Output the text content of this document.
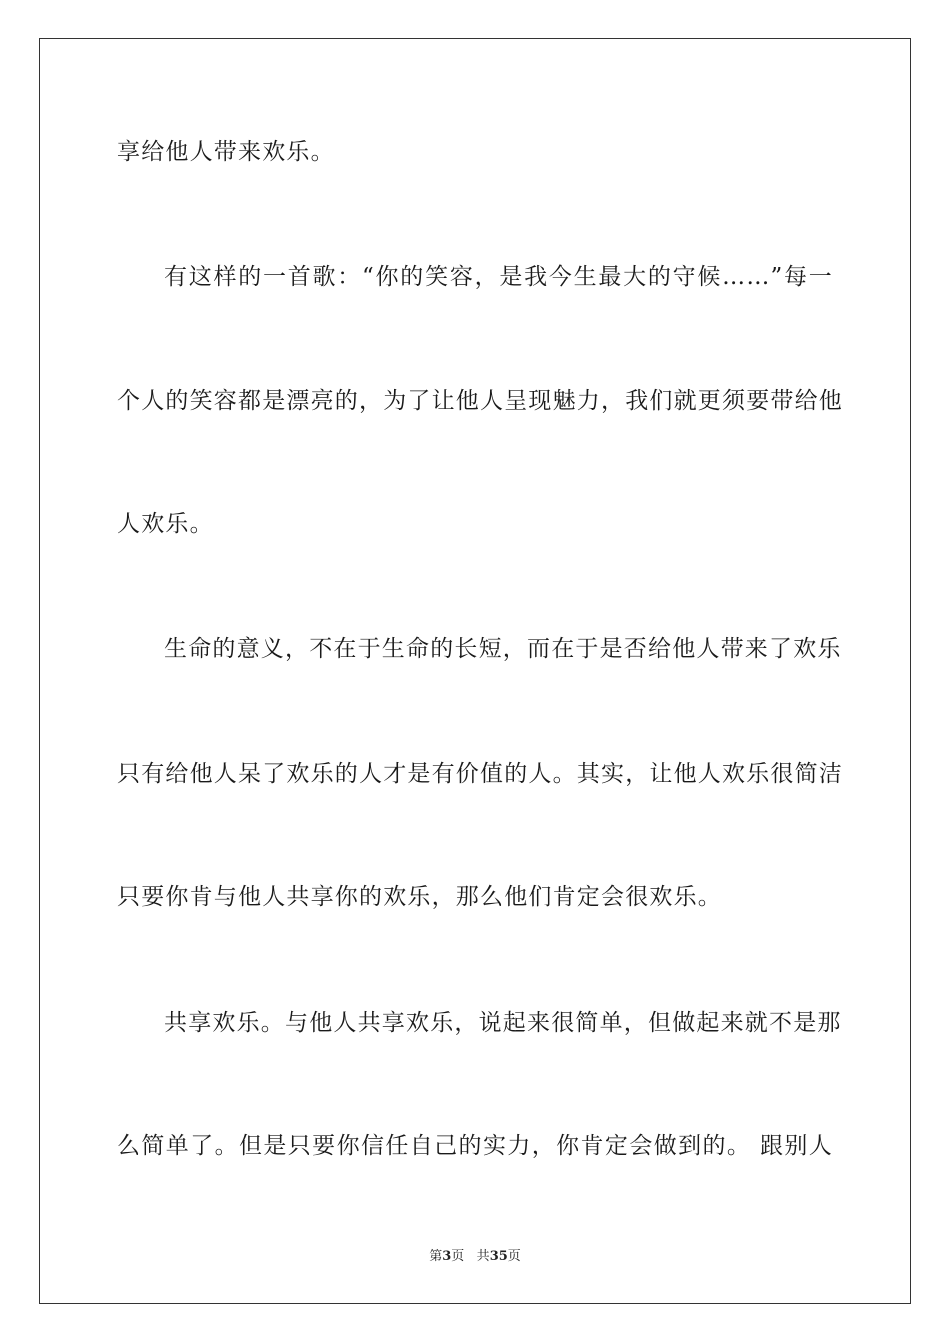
享给他人带来欢乐。
有这样的一首歌：“你的笑容，是我今生最大的守候……”每一
个人的笑容都是漂亮的，为了让他人呈现魅力，我们就更须要带给他
人欢乐。
生命的意义，不在于生命的长短，而在于是否给他人带来了欢乐
只有给他人呆了欢乐的人才是有价值的人。其实，让他人欢乐很简洁
只要你肯与他人共享你的欢乐，那么他们肯定会很欢乐。
共享欢乐。与他人共享欢乐，说起来很简单，但做起来就不是那
么简单了。但是只要你信任自己的实力，你肯定会做到的。 跟别人
第3页 共35页
